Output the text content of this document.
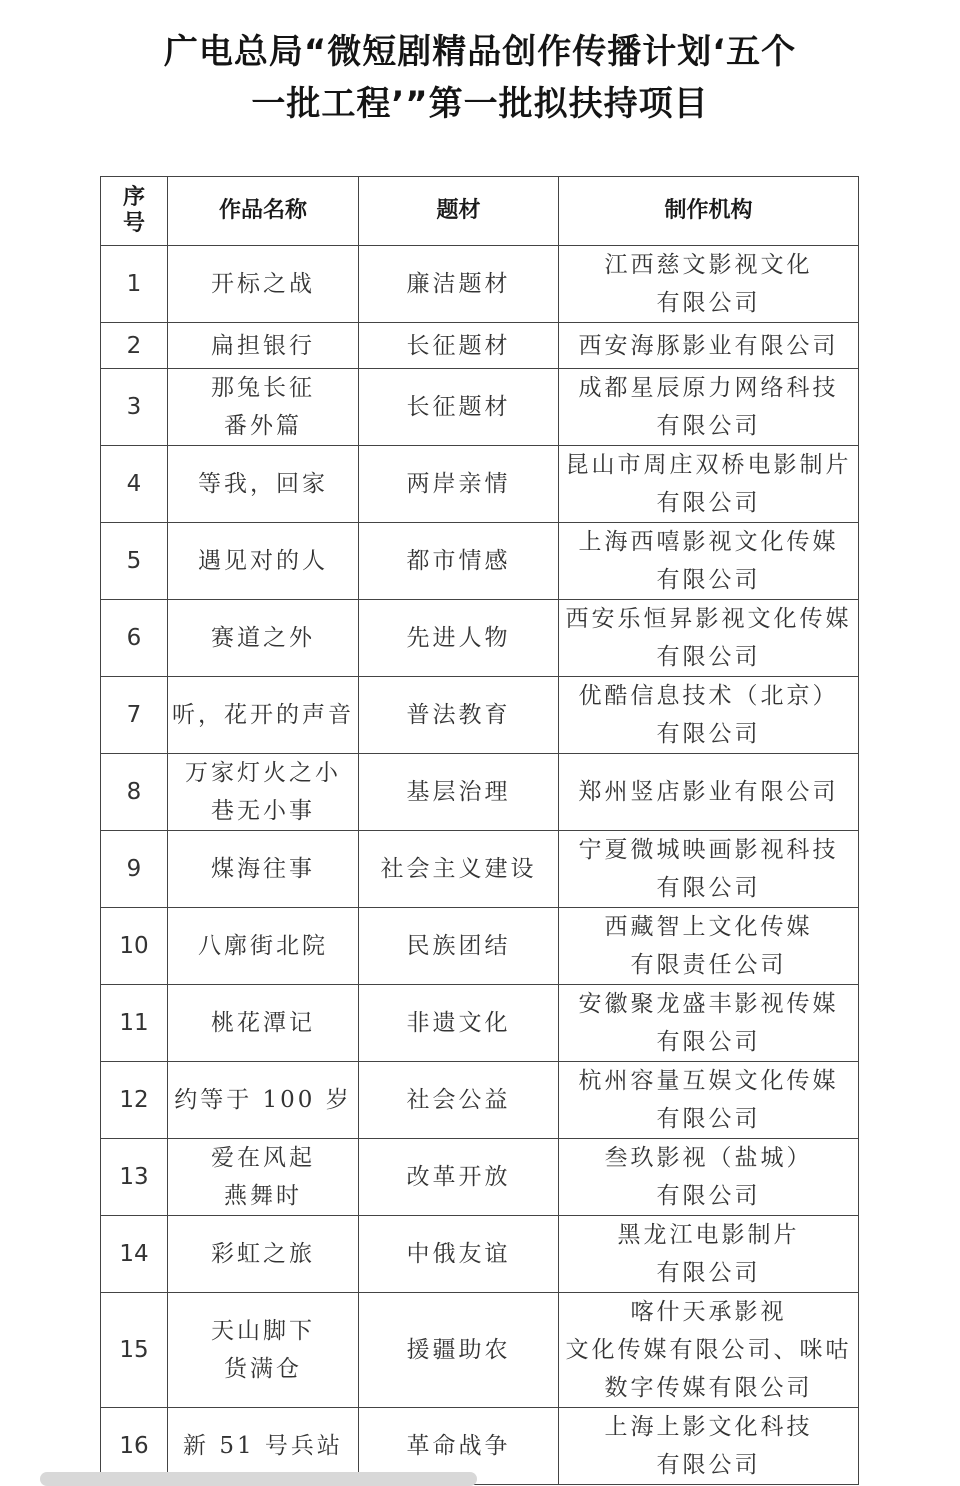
广电总局“微短剧精品创作传播计划‘五个
一批工程’”第一批拟扶持项目
序
号	作品名称	题材	制作机构
1	开标之战	廉洁题材	江西慈文影视文化
有限公司

2	扁担银行	长征题材	西安海豚影业有限公司

3	那兔长征
番外篇	长征题材	成都星辰原力网络科技
有限公司

4	等我，回家	两岸亲情	昆山市周庄双桥电影制片
有限公司

5	遇见对的人	都市情感	上海西嘻影视文化传媒
有限公司

6	赛道之外	先进人物	西安乐恒昇影视文化传媒
有限公司

7	听，花开的声音	普法教育	优酷信息技术（北京）
有限公司

8	万家灯火之小
巷无小事	基层治理	郑州竖店影业有限公司

9	煤海往事	社会主义建设	宁夏微城映画影视科技
有限公司

10	八廓街北院	民族团结	西藏智上文化传媒
有限责任公司

11	桃花潭记	非遗文化	安徽聚龙盛丰影视传媒
有限公司

12	约等于 100 岁	社会公益	杭州容量互娱文化传媒
有限公司

13	爱在风起
燕舞时	改革开放	叁玖影视（盐城）
有限公司

14	彩虹之旅	中俄友谊	黑龙江电影制片
有限公司

15	天山脚下
货满仓	援疆助农	喀什天承影视
文化传媒有限公司、咪咕
数字传媒有限公司

16	新 51 号兵站	革命战争	上海上影文化科技
有限公司
